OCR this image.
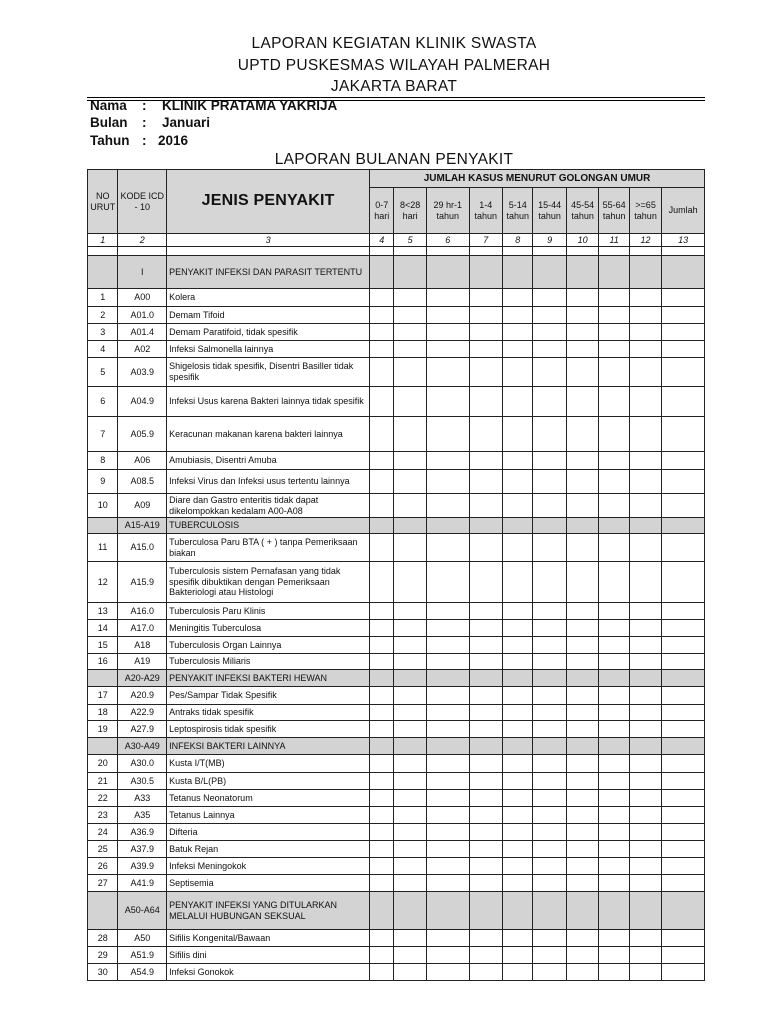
LAPORAN KEGIATAN KLINIK SWASTA
UPTD PUSKESMAS WILAYAH PALMERAH
JAKARTA BARAT
Nama : KLINIK PRATAMA YAKRIJA
Bulan : Januari
Tahun : 2016
LAPORAN BULANAN PENYAKIT
NO URUT	KODE ICD - 10	JENIS PENYAKIT	JUMLAH KASUS MENURUT GOLONGAN UMUR									
			0-7 hari	8<28 hari	29 hr-1 tahun	1-4 tahun	5-14 tahun	15-44 tahun	45-54 tahun	55-64 tahun	>=65 tahun	Jumlah
1	2	3	4	5	6	7	8	9	10	11	12	13

	I	PENYAKIT INFEKSI DAN PARASIT TERTENTU										
1	A00	Kolera										
2	A01.0	Demam Tifoid										
3	A01.4	Demam Paratifoid, tidak spesifik										
4	A02	Infeksi Salmonella lainnya										
5	A03.9	Shigelosis tidak spesifik, Disentri Basiller tidak spesifik										
6	A04.9	Infeksi Usus karena Bakteri lainnya tidak spesifik										
7	A05.9	Keracunan makanan karena bakteri lainnya										
8	A06	Amubiasis, Disentri Amuba										
9	A08.5	Infeksi Virus dan Infeksi usus tertentu lainnya										
10	A09	Diare dan Gastro enteritis tidak dapat dikelompokkan kedalam A00-A08										
	A15-A19	TUBERCULOSIS										
11	A15.0	Tuberculosa Paru BTA ( + ) tanpa Pemeriksaan biakan										
12	A15.9	Tuberculosis sistem Pernafasan yang tidak spesifik dibuktikan dengan Pemeriksaan Bakteriologi atau Histologi										
13	A16.0	Tuberculosis Paru Klinis										
14	A17.0	Meningitis Tuberculosa										
15	A18	Tuberculosis Organ Lainnya										
16	A19	Tuberculosis Miliaris										
	A20-A29	PENYAKIT INFEKSI BAKTERI HEWAN										
17	A20.9	Pes/Sampar Tidak Spesifik										
18	A22.9	Antraks tidak spesifik										
19	A27.9	Leptospirosis tidak spesifik										
	A30-A49	INFEKSI BAKTERI LAINNYA										
20	A30.0	Kusta I/T(MB)										
21	A30.5	Kusta B/L(PB)										
22	A33	Tetanus Neonatorum										
23	A35	Tetanus Lainnya										
24	A36.9	Difteria										
25	A37.9	Batuk Rejan										
26	A39.9	Infeksi Meningokok										
27	A41.9	Septisemia										
	A50-A64	PENYAKIT INFEKSI YANG DITULARKAN MELALUI HUBUNGAN SEKSUAL										
28	A50	Sifilis Kongenital/Bawaan										
29	A51.9	Sifilis dini										
30	A54.9	Infeksi Gonokok										
